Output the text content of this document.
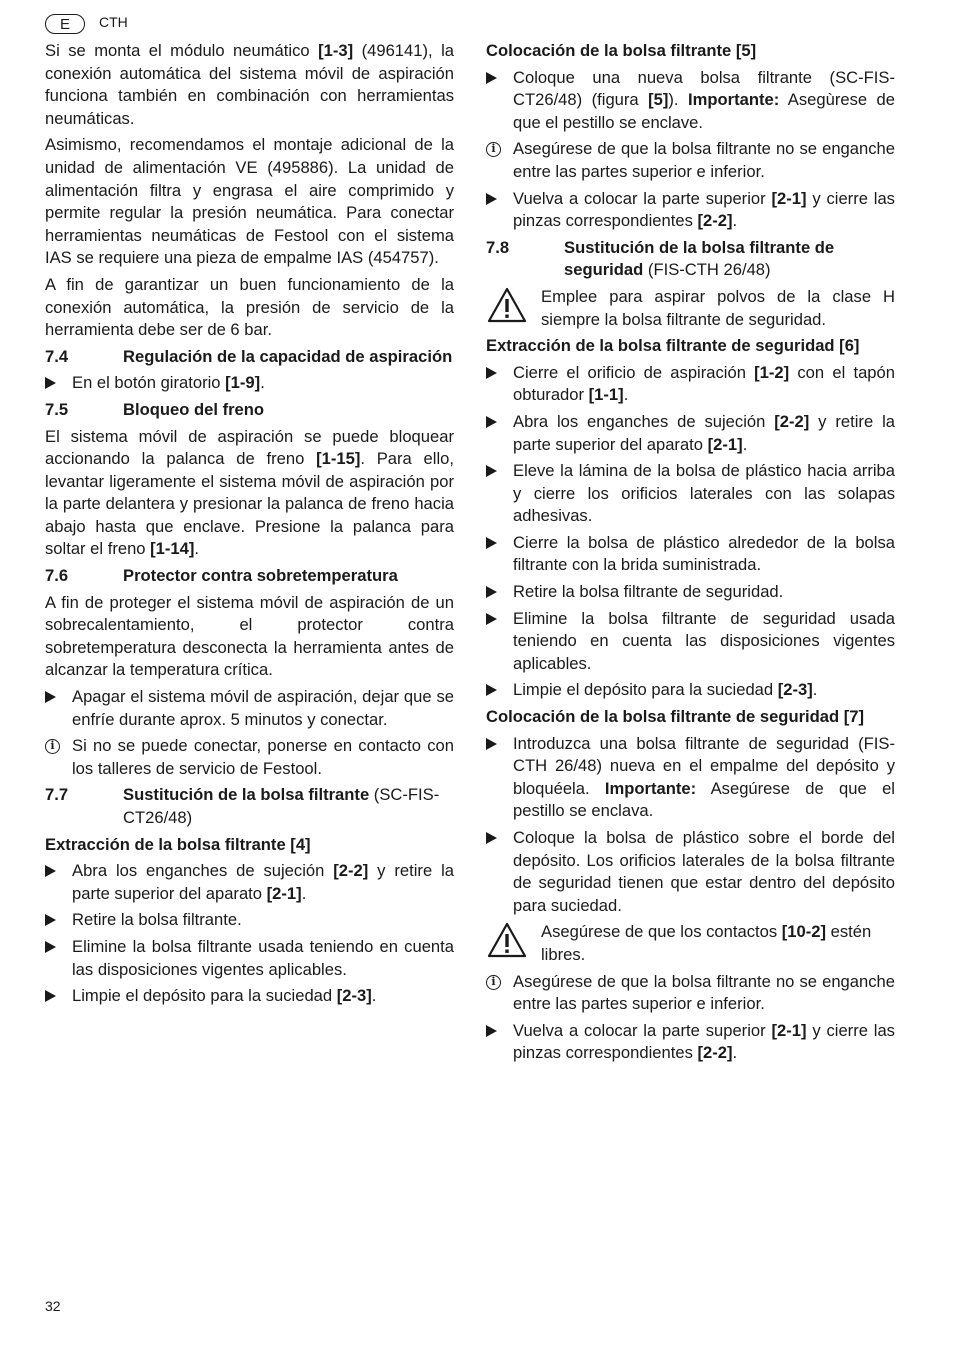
E	CTH

Si se monta el módulo neumático [1-3] (496141), la conexión automática del sistema móvil de aspiración funciona también en combinación con herramientas neumáticas.

Asimismo, recomendamos el montaje adicional de la unidad de alimentación VE (495886). La unidad de alimentación filtra y engrasa el aire comprimido y permite regular la presión neumática. Para conectar herramientas neumáticas de Festool con el sistema IAS se requiere una pieza de empalme IAS (454757).

A fin de garantizar un buen funcionamiento de la conexión automática, la presión de servicio de la herramienta debe ser de 6 bar.

7.4	Regulación de la capacidad de aspiración
En el botón giratorio [1-9].
7.5	Bloqueo del freno

El sistema móvil de aspiración se puede bloquear accionando la palanca de freno [1-15]. Para ello, levantar ligeramente el sistema móvil de aspiración por la parte delantera y presionar la palanca de freno hacia abajo hasta que enclave. Presione la palanca para soltar el freno [1-14].

7.6	Protector contra sobretemperatura

A fin de proteger el sistema móvil de aspiración de un sobrecalentamiento, el protector contra sobretemperatura desconecta la herramienta antes de alcanzar la temperatura crítica.

Apagar el sistema móvil de aspiración, dejar que se enfríe durante aprox. 5 minutos y conectar.
i	Si no se puede conectar, ponerse en contacto con los talleres de servicio de Festool.
7.7	Sustitución de la bolsa filtrante (SC-FIS-CT26/48)
Extracción de la bolsa filtrante [4]
Abra los enganches de sujeción [2-2] y retire la parte superior del aparato [2-1].
Retire la bolsa filtrante.
Elimine la bolsa filtrante usada teniendo en cuenta las disposiciones vigentes aplicables.
Limpie el depósito para la suciedad [2-3].
Colocación de la bolsa filtrante [5]
Coloque una nueva bolsa filtrante (SC-FIS-CT26/48) (figura [5]). Importante: Asegùrese de que el pestillo se enclave.
i	Asegúrese de que la bolsa filtrante no se enganche entre las partes superior e inferior.
Vuelva a colocar la parte superior [2-1] y cierre las pinzas correspondientes [2-2].
7.8	Sustitución de la bolsa filtrante de seguridad (FIS-CTH 26/48)
Emplee para aspirar polvos de la clase H siempre la bolsa filtrante de seguridad.
Extracción de la bolsa filtrante de seguridad [6]
Cierre el orificio de aspiración [1-2] con el tapón obturador [1-1].
Abra los enganches de sujeción [2-2] y retire la parte superior del aparato [2-1].
Eleve la lámina de la bolsa de plástico hacia arriba y cierre los orificios laterales con las solapas adhesivas.
Cierre la bolsa de plástico alrededor de la bolsa filtrante con la brida suministrada.
Retire la bolsa filtrante de seguridad.
Elimine la bolsa filtrante de seguridad usada teniendo en cuenta las disposiciones vigentes aplicables.
Limpie el depósito para la suciedad [2-3].
Colocación de la bolsa filtrante de seguridad [7]
Introduzca una bolsa filtrante de seguridad (FIS-CTH 26/48) nueva en el empalme del depósito y bloquéela. Importante: Asegúrese de que el pestillo se enclava.
Coloque la bolsa de plástico sobre el borde del depósito. Los orificios laterales de la bolsa filtrante de seguridad tienen que estar dentro del depósito para suciedad.
Asegúrese de que los contactos [10-2] estén libres.
i	Asegúrese de que la bolsa filtrante no se enganche entre las partes superior e inferior.
Vuelva a colocar la parte superior [2-1] y cierre las pinzas correspondientes [2-2].
32
